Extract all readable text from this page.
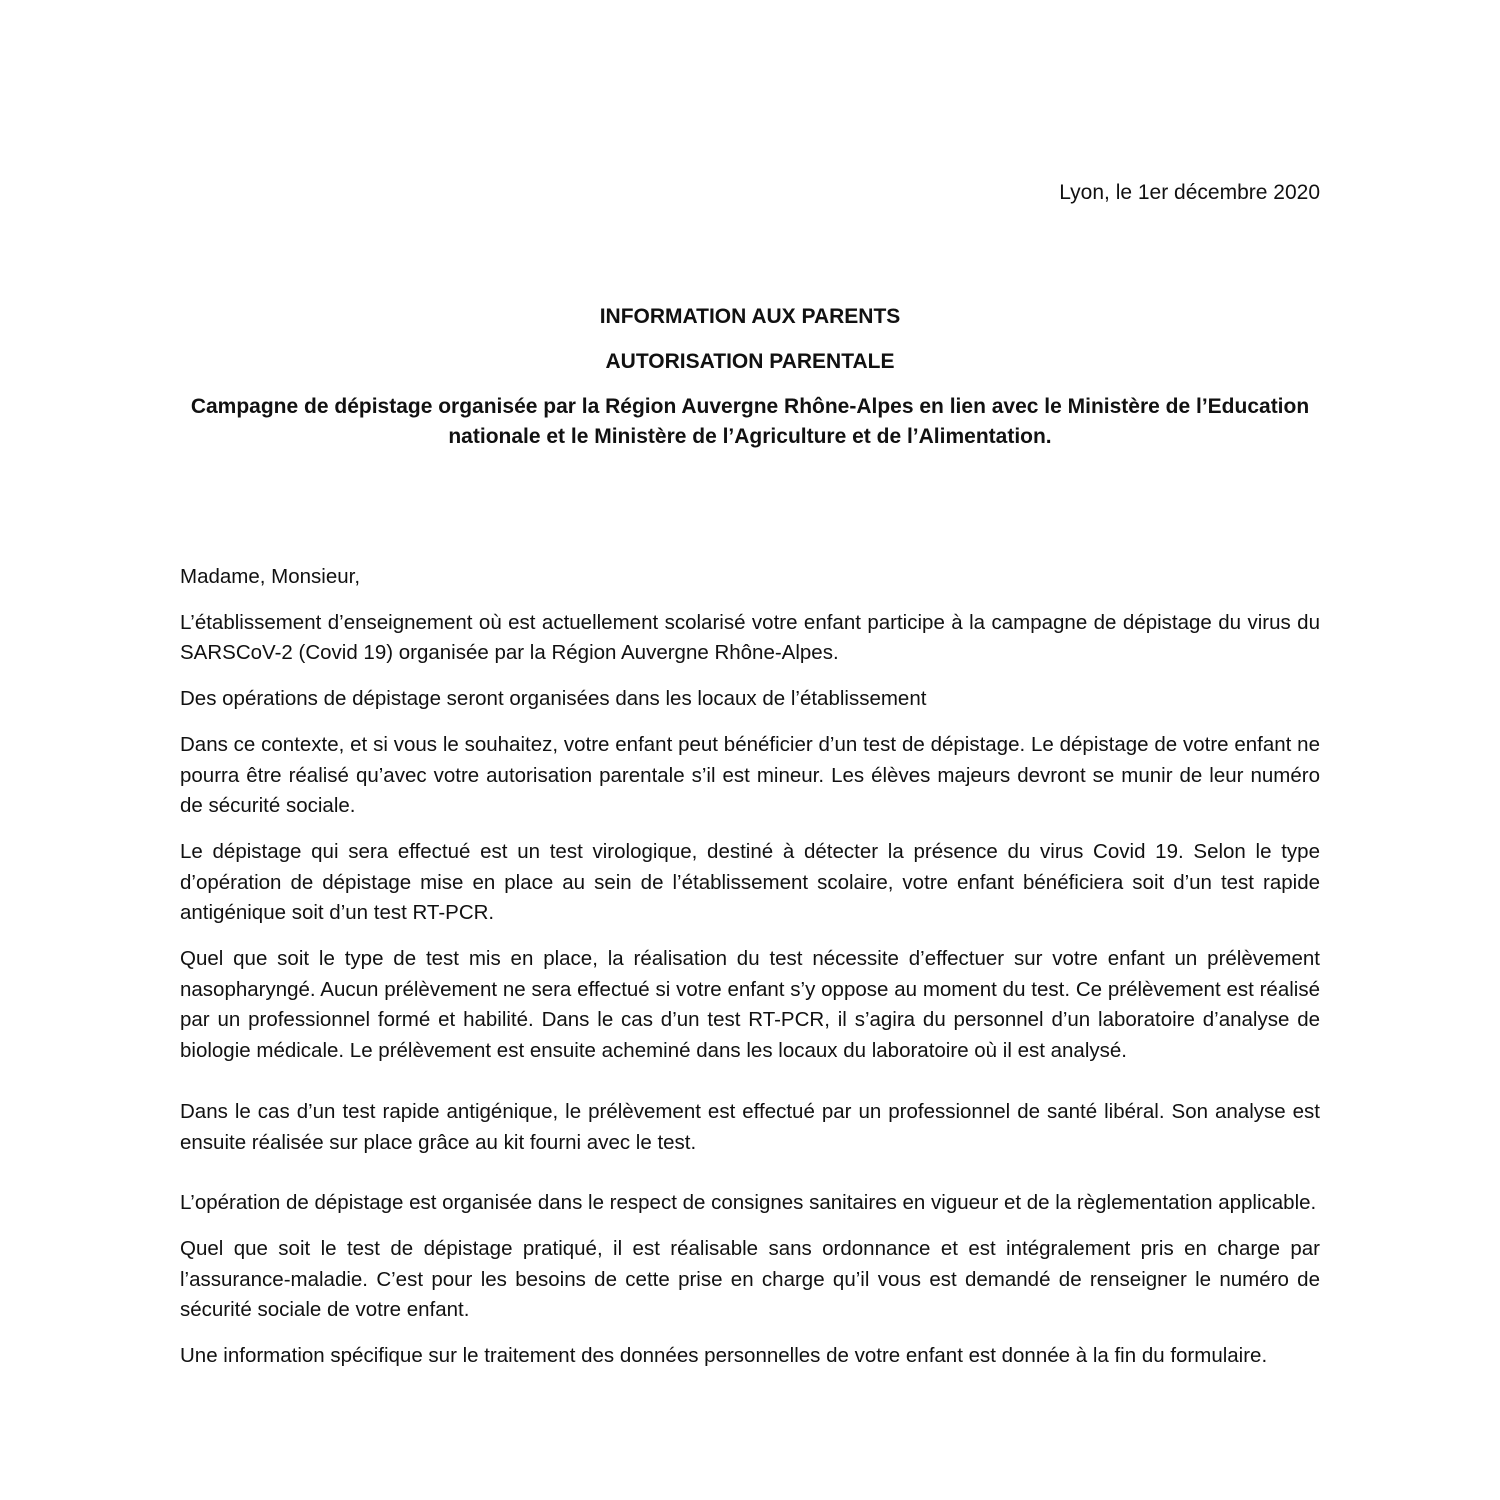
Lyon, le 1er décembre 2020
INFORMATION AUX PARENTS
AUTORISATION PARENTALE
Campagne de dépistage organisée par la Région Auvergne Rhône-Alpes en lien avec le Ministère de l’Education nationale et le Ministère de l’Agriculture et de l’Alimentation.

Madame, Monsieur,

L’établissement d’enseignement où est actuellement scolarisé votre enfant participe à la campagne de dépistage du virus du SARSCoV-2 (Covid 19) organisée par la Région Auvergne Rhône-Alpes.

Des opérations de dépistage seront organisées dans les locaux de l’établissement

Dans ce contexte, et si vous le souhaitez, votre enfant peut bénéficier d’un test de dépistage. Le dépistage de votre enfant ne pourra être réalisé qu’avec votre autorisation parentale s’il est mineur. Les élèves majeurs devront se munir de leur numéro de sécurité sociale.

Le dépistage qui sera effectué est un test virologique, destiné à détecter la présence du virus Covid 19. Selon le type d’opération de dépistage mise en place au sein de l’établissement scolaire, votre enfant bénéficiera soit d’un test rapide antigénique soit d’un test RT-PCR.

Quel que soit le type de test mis en place, la réalisation du test nécessite d’effectuer sur votre enfant un prélèvement nasopharyngé. Aucun prélèvement ne sera effectué si votre enfant s’y oppose au moment du test. Ce prélèvement est réalisé par un professionnel formé et habilité. Dans le cas d’un test RT-PCR, il s’agira du personnel d’un laboratoire d’analyse de biologie médicale. Le prélèvement est ensuite acheminé dans les locaux du laboratoire où il est analysé.

Dans le cas d’un test rapide antigénique, le prélèvement est effectué par un professionnel de santé libéral. Son analyse est ensuite réalisée sur place grâce au kit fourni avec le test.

L’opération de dépistage est organisée dans le respect de consignes sanitaires en vigueur et de la règlementation applicable.

Quel que soit le test de dépistage pratiqué, il est réalisable sans ordonnance et est intégralement pris en charge par l’assurance-maladie. C’est pour les besoins de cette prise en charge qu’il vous est demandé de renseigner le numéro de sécurité sociale de votre enfant.

Une information spécifique sur le traitement des données personnelles de votre enfant est donnée à la fin du formulaire.
